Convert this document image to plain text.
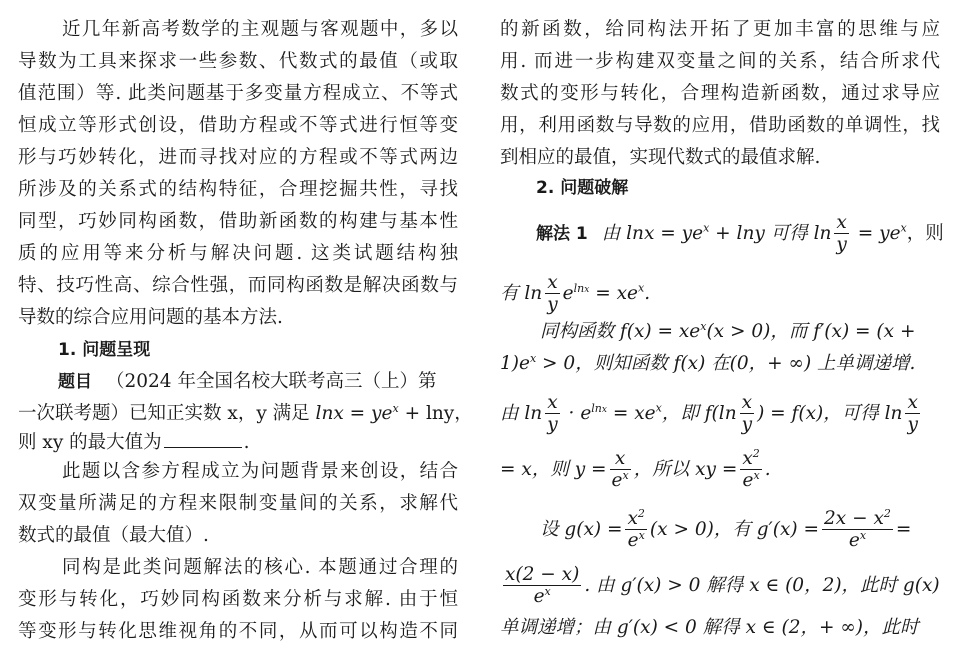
近几年新高考数学的主观题与客观题中，多以
导数为工具来探求一些参数、代数式的最值（或取
值范围）等. 此类问题基于多变量方程成立、不等式
恒成立等形式创设，借助方程或不等式进行恒等变
形与巧妙转化，进而寻找对应的方程或不等式两边
所涉及的关系式的结构特征，合理挖掘共性，寻找
同型，巧妙同构函数，借助新函数的构建与基本性
质的应用等来分析与解决问题. 这类试题结构独
特、技巧性高、综合性强，而同构函数是解决函数与
导数的综合应用问题的基本方法.
1. 问题呈现
题目 （2024 年全国名校大联考高三（上）第
一次联考题）已知正实数 x，y 满足 $\ln x = ye^x + \ln y$，
则 xy 的最大值为	.
此题以含参方程成立为问题背景来创设，结合
双变量所满足的方程来限制变量间的关系，求解代
数式的最值（最大值）.
同构是此类问题解法的核心. 本题通过合理的
变形与转化，巧妙同构函数来分析与求解. 由于恒
等变形与转化思维视角的不同，从而可以构造不同
的新函数，给同构法开拓了更加丰富的思维与应
用. 而进一步构建双变量之间的关系，结合所求代
数式的变形与转化，合理构造新函数，通过求导应
用，利用函数与导数的应用，借助函数的单调性，找
到相应的最值，实现代数式的最值求解.
2. 问题破解
解法 1 由 $\ln x = ye^x + \ln y$ 可得 $\ln \frac{x}{y} = ye^x$，则
有 $\ln \frac{x}{y} e^{lnx} = xe^x$.
同构函数 $f(x) = xe^x(x > 0)$，而 f′(x) = (x +
$1)e^x > 0$，则知函数 f(x) 在(0，+ ∞) 上单调递增.
由 $\ln \frac{x}{y} \cdot e^{lnx} = xe^x$，即 $f(\ln \frac{x}{y}$ ) = f(x)，可得 $\ln \frac{x}{y}$
= x，则 $y = \frac{x}{e^x}$ ，所以 xy = $\frac{x^2}{e^x}$ .
设 $g(x) = \frac{x^2}{e^x} (x > 0)$，有 $g'(x) = \frac{2x - x^2}{e^x}$ =
$\frac{x(2 - x)}{e^x}$ . 由 g′(x) > 0 解得 x ∈ (0，2)，此时 g(x)
单调递增；由 g′(x) < 0 解得 x ∈ (2，+ ∞)，此时
